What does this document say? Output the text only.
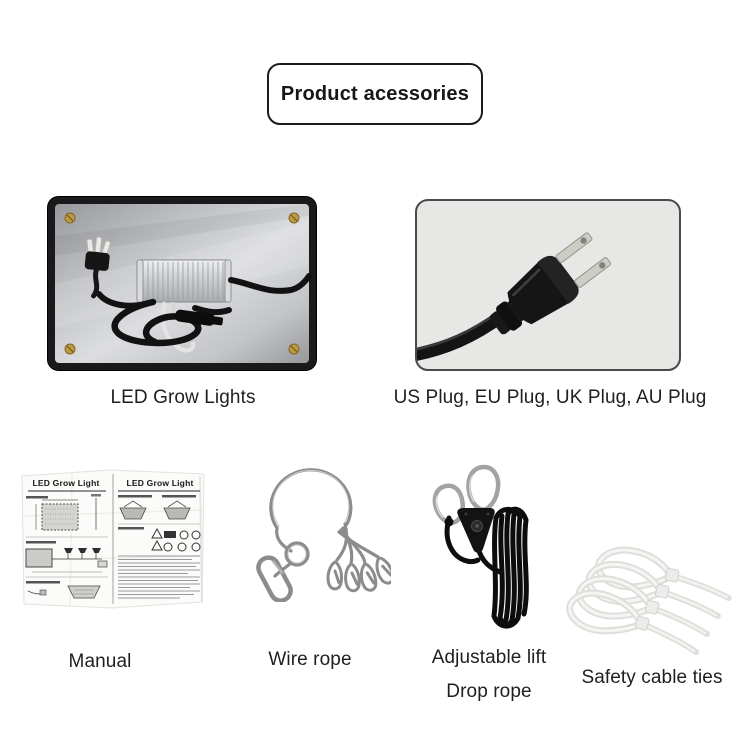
Product acessories
LED Grow Lights	US Plug, EU Plug, UK Plug, AU Plug
LED Grow Light	LED Grow Light
Manual	Wire rope	Adjustable lift
Drop rope
Safety cable ties
